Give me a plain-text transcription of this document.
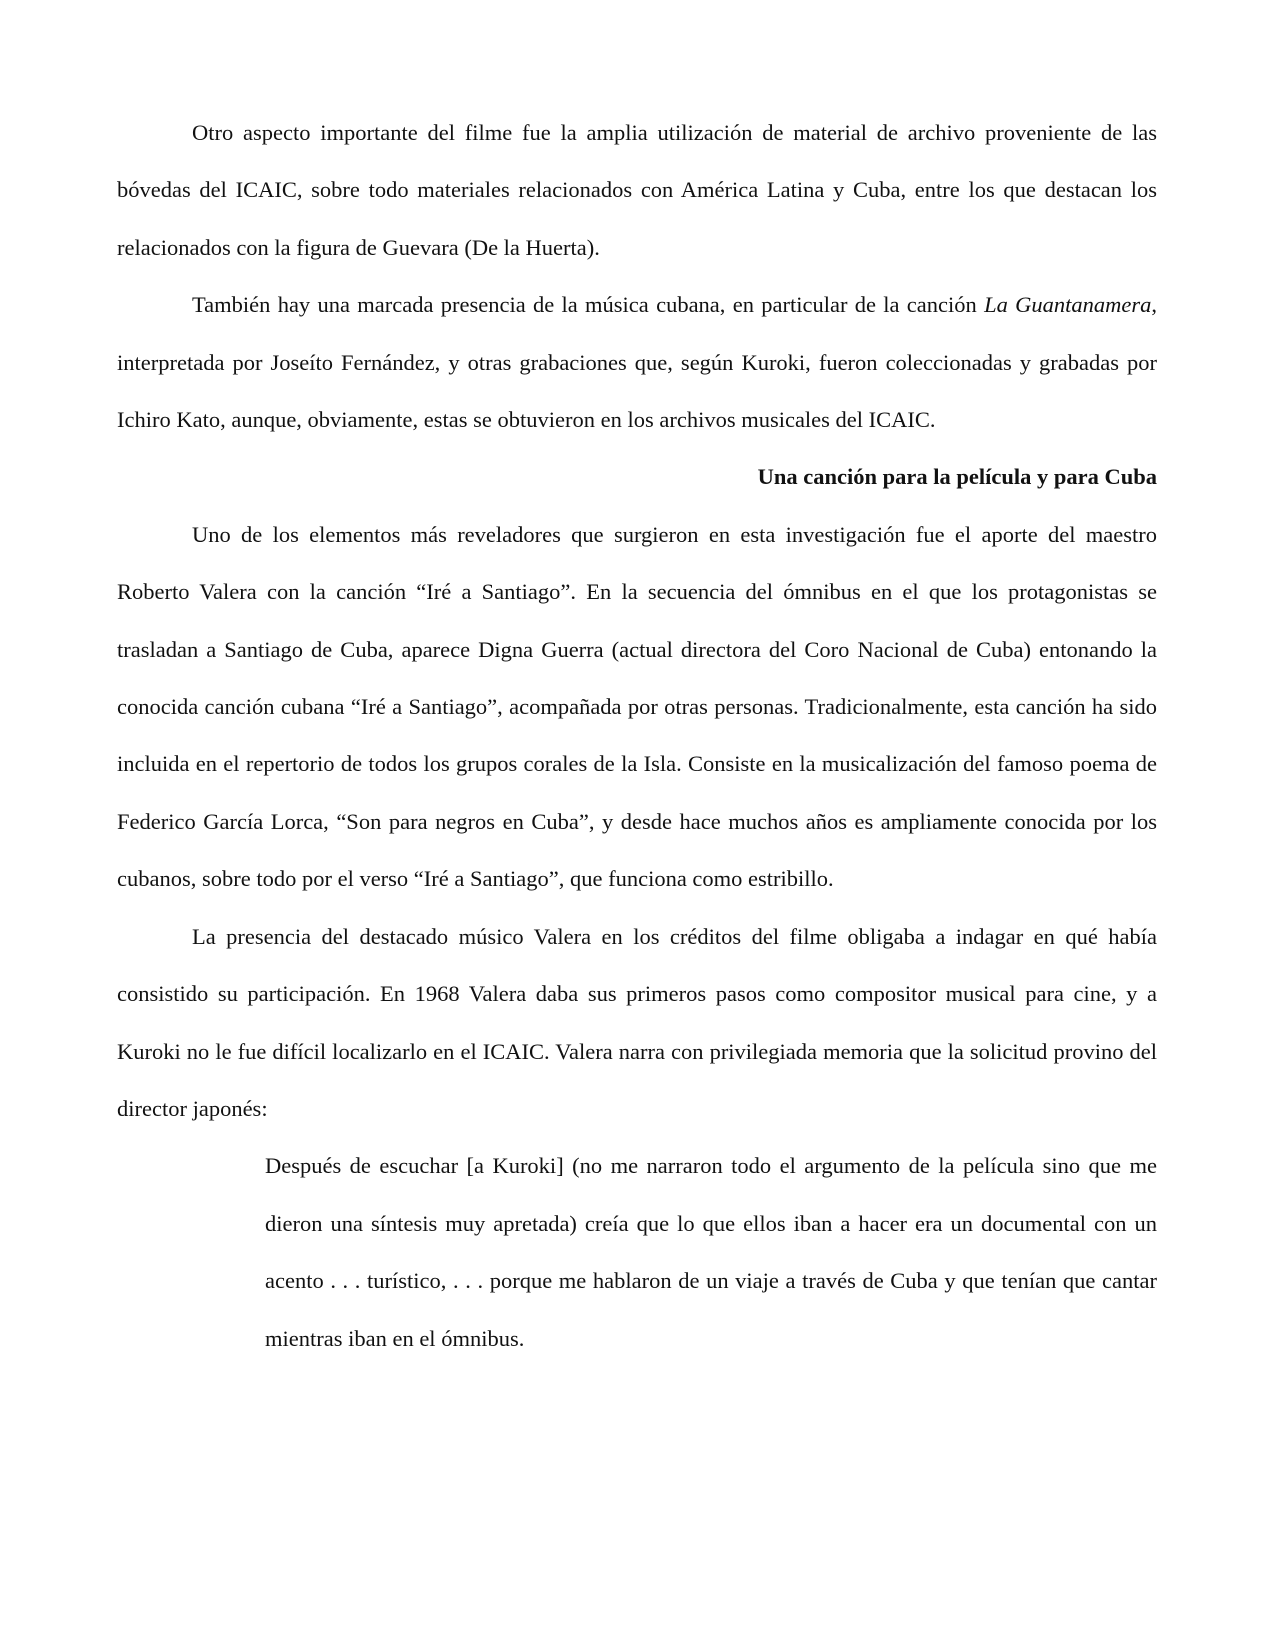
Otro aspecto importante del filme fue la amplia utilización de material de archivo proveniente de las bóvedas del ICAIC, sobre todo materiales relacionados con América Latina y Cuba, entre los que destacan los relacionados con la figura de Guevara (De la Huerta).

También hay una marcada presencia de la música cubana, en particular de la canción La Guantanamera, interpretada por Joseíto Fernández, y otras grabaciones que, según Kuroki, fueron coleccionadas y grabadas por Ichiro Kato, aunque, obviamente, estas se obtuvieron en los archivos musicales del ICAIC.

Una canción para la película y para Cuba

Uno de los elementos más reveladores que surgieron en esta investigación fue el aporte del maestro Roberto Valera con la canción “Iré a Santiago”. En la secuencia del ómnibus en el que los protagonistas se trasladan a Santiago de Cuba, aparece Digna Guerra (actual directora del Coro Nacional de Cuba) entonando la conocida canción cubana “Iré a Santiago”, acompañada por otras personas. Tradicionalmente, esta canción ha sido incluida en el repertorio de todos los grupos corales de la Isla. Consiste en la musicalización del famoso poema de Federico García Lorca, “Son para negros en Cuba”, y desde hace muchos años es ampliamente conocida por los cubanos, sobre todo por el verso “Iré a Santiago”, que funciona como estribillo.

La presencia del destacado músico Valera en los créditos del filme obligaba a indagar en qué había consistido su participación. En 1968 Valera daba sus primeros pasos como compositor musical para cine, y a Kuroki no le fue difícil localizarlo en el ICAIC. Valera narra con privilegiada memoria que la solicitud provino del director japonés:

Después de escuchar [a Kuroki] (no me narraron todo el argumento de la película sino que me dieron una síntesis muy apretada) creía que lo que ellos iban a hacer era un documental con un acento . . . turístico, . . . porque me hablaron de un viaje a través de Cuba y que tenían que cantar mientras iban en el ómnibus.
